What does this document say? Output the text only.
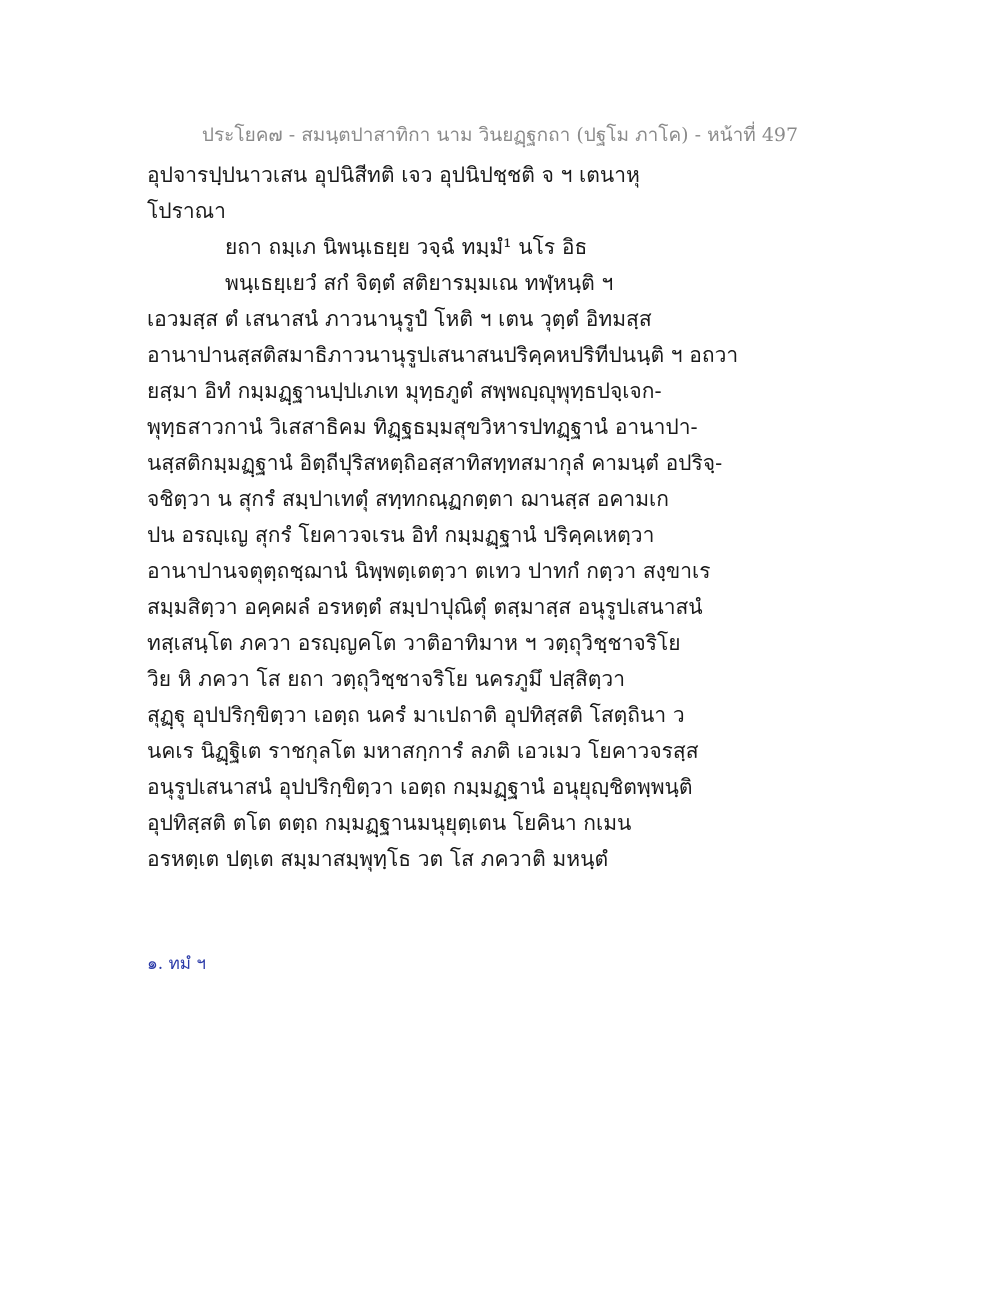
ประโยค๗ - สมนฺตปาสาทิกา นาม วินยฏฺฐกถา (ปฐโม ภาโค) - หน้าที่ 497
อุปจารปฺปนาวเสน อุปนิสีทติ เจว อุปนิปชฺชติ จ ฯ เตนาหุ
โปราณา
ยถา ถมฺเภ นิพนฺเธยฺย วจฺฉํ ทมฺมํ¹ นโร อิธ
พนฺเธยฺเยวํ สกํ จิตฺตํ สติยารมฺมเณ ทฬฺหนฺติ ฯ
เอวมสฺส ตํ เสนาสนํ ภาวนานุรูปํ โหติ ฯ เตน วุตฺตํ อิทมสฺส
อานาปานสฺสติสมาธิภาวนานุรูปเสนาสนปริคฺคหปริทีปนนฺติ ฯ อถวา
ยสฺมา อิทํ กมฺมฏฺฐานปฺปเภเท มุทฺธภูตํ สพฺพญฺญุพุทฺธปจฺเจก-
พุทฺธสาวกานํ วิเสสาธิคม ทิฏฺฐธมฺมสุขวิหารปทฏฺฐานํ อานาปา-
นสฺสติกมฺมฏฺฐานํ อิตฺถีปุริสหตฺถิอสฺสาทิสทฺทสมากุลํ คามนฺตํ อปริจฺ-
จชิตฺวา น สุกรํ สมฺปาเทตุํ สทฺทกณฺฏกตฺตา ฌานสฺส อคามเก
ปน อรญฺเญ สุกรํ โยคาวจเรน อิทํ กมฺมฏฺฐานํ ปริคฺคเหตฺวา
อานาปานจตุตฺถชฺฌานํ นิพฺพตฺเตตฺวา ตเทว ปาทกํ กตฺวา สงฺขาเร
สมฺมสิตฺวา อคฺคผลํ อรหตฺตํ สมฺปาปุณิตุํ ตสฺมาสฺส อนุรูปเสนาสนํ
ทสฺเสนฺโต ภควา อรญฺญคโต วาติอาทิมาห ฯ วตฺถุวิชฺชาจริโย
วิย หิ ภควา โส ยถา วตฺถุวิชฺชาจริโย นครภูมึ ปสฺสิตฺวา
สุฏฺฐุ อุปปริกฺขิตฺวา เอตฺถ นครํ มาเปถาติ อุปทิสฺสติ โสตฺถินา ว
นคเร นิฏฺฐิเต ราชกุลโต มหาสกฺการํ ลภติ เอวเมว โยคาวจรสฺส
อนุรูปเสนาสนํ อุปปริกฺขิตฺวา เอตฺถ กมฺมฏฺฐานํ อนุยุญฺชิตพฺพนฺติ
อุปทิสฺสติ ตโต ตตฺถ กมฺมฏฺฐานมนุยุตฺเตน โยคินา กเมน
อรหตฺเต ปตฺเต สมฺมาสมฺพุทฺโธ วต โส ภควาติ มหนฺตํ
๑. ทมํ ฯ
